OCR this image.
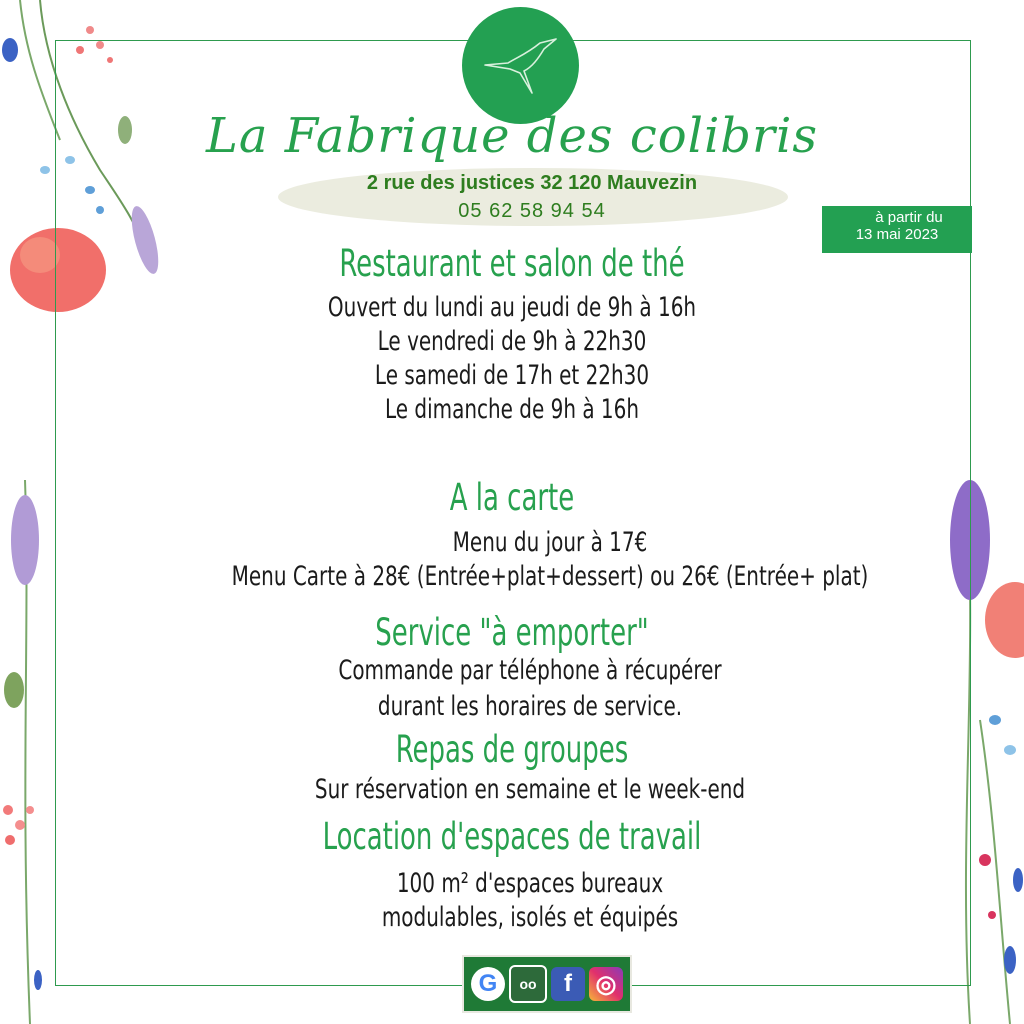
La Fabrique des colibris
2 rue des justices 32 120 Mauvezin
05 62 58 94 54	à partir du
13 mai 2023
Restaurant et salon de thé
Ouvert du lundi au jeudi de 9h à 16h
Le vendredi de 9h à 22h30
Le samedi de 17h et 22h30
Le dimanche de 9h à 16h
A la carte
Menu du jour à 17€
Menu Carte à 28€ (Entrée+plat+dessert) ou 26€ (Entrée+ plat)
Service "à emporter"
Commande par téléphone à récupérer
durant les horaires de service.
Repas de groupes
Sur réservation en semaine et le week-end
Location d'espaces de travail
100 m² d'espaces bureaux
modulables, isolés et équipés
G	oo	f ◎
